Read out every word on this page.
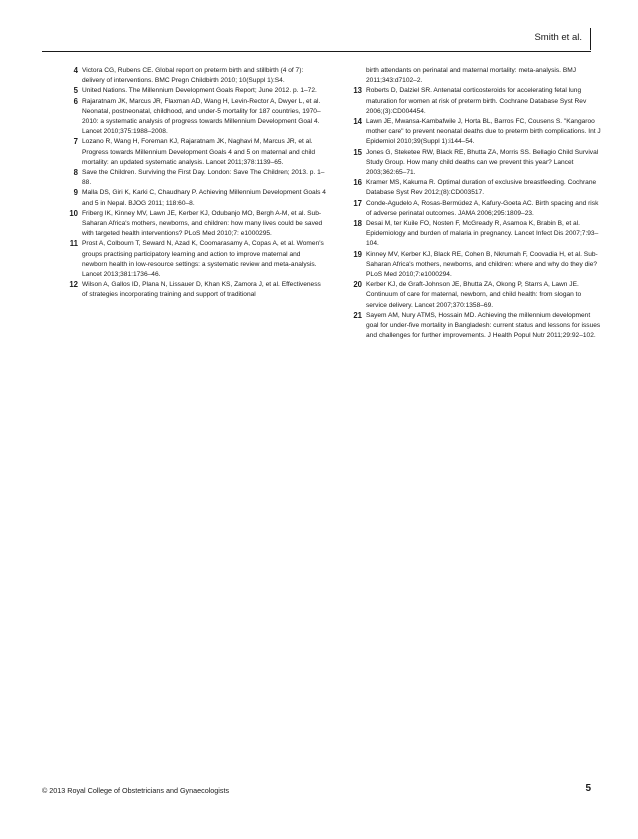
Smith et al.

4 Victora CG, Rubens CE. Global report on preterm birth and stillbirth (4 of 7): delivery of interventions. BMC Pregn Childbirth 2010; 10(Suppl 1):S4.

5 United Nations. The Millennium Development Goals Report; June 2012. p. 1–72.

6 Rajaratnam JK, Marcus JR, Flaxman AD, Wang H, Levin-Rector A, Dwyer L, et al. Neonatal, postneonatal, childhood, and under-5 mortality for 187 countries, 1970–2010: a systematic analysis of progress towards Millennium Development Goal 4. Lancet 2010;375:1988–2008.

7 Lozano R, Wang H, Foreman KJ, Rajaratnam JK, Naghavi M, Marcus JR, et al. Progress towards Millennium Development Goals 4 and 5 on maternal and child mortality: an updated systematic analysis. Lancet 2011;378:1139–65.

8 Save the Children. Surviving the First Day. London: Save The Children; 2013. p. 1–88.

9 Malla DS, Giri K, Karki C, Chaudhary P. Achieving Millennium Development Goals 4 and 5 in Nepal. BJOG 2011; 118:60–8.

10 Friberg IK, Kinney MV, Lawn JE, Kerber KJ, Odubanjo MO, Bergh A-M, et al. Sub-Saharan Africa's mothers, newborns, and children: how many lives could be saved with targeted health interventions? PLoS Med 2010;7: e1000295.

11 Prost A, Colbourn T, Seward N, Azad K, Coomarasamy A, Copas A, et al. Women's groups practising participatory learning and action to improve maternal and newborn health in low-resource settings: a systematic review and meta-analysis. Lancet 2013;381:1736–46.

12 Wilson A, Gallos ID, Plana N, Lissauer D, Khan KS, Zamora J, et al. Effectiveness of strategies incorporating training and support of traditional

birth attendants on perinatal and maternal mortality: meta-analysis. BMJ 2011;343:d7102–2.

13 Roberts D, Dalziel SR. Antenatal corticosteroids for accelerating fetal lung maturation for women at risk of preterm birth. Cochrane Database Syst Rev 2006;(3):CD004454.

14 Lawn JE, Mwansa-Kambafwile J, Horta BL, Barros FC, Cousens S. "Kangaroo mother care" to prevent neonatal deaths due to preterm birth complications. Int J Epidemiol 2010;39(Suppl 1):i144–54.

15 Jones G, Steketee RW, Black RE, Bhutta ZA, Morris SS. Bellagio Child Survival Study Group. How many child deaths can we prevent this year? Lancet 2003;362:65–71.

16 Kramer MS, Kakuma R. Optimal duration of exclusive breastfeeding. Cochrane Database Syst Rev 2012;(8):CD003517.

17 Conde-Agudelo A, Rosas-Bermúdez A, Kafury-Goeta AC. Birth spacing and risk of adverse perinatal outcomes. JAMA 2006;295:1809–23.

18 Desai M, ter Kuile FO, Nosten F, McGready R, Asamoa K, Brabin B, et al. Epidemiology and burden of malaria in pregnancy. Lancet Infect Dis 2007;7:93–104.

19 Kinney MV, Kerber KJ, Black RE, Cohen B, Nkrumah F, Coovadia H, et al. Sub-Saharan Africa's mothers, newborns, and children: where and why do they die? PLoS Med 2010;7:e1000294.

20 Kerber KJ, de Graft-Johnson JE, Bhutta ZA, Okong P, Starrs A, Lawn JE. Continuum of care for maternal, newborn, and child health: from slogan to service delivery. Lancet 2007;370:1358–69.

21 Sayem AM, Nury ATMS, Hossain MD. Achieving the millennium development goal for under-five mortality in Bangladesh: current status and lessons for issues and challenges for further improvements. J Health Popul Nutr 2011;29:92–102.

© 2013 Royal College of Obstetricians and Gynaecologists	5
